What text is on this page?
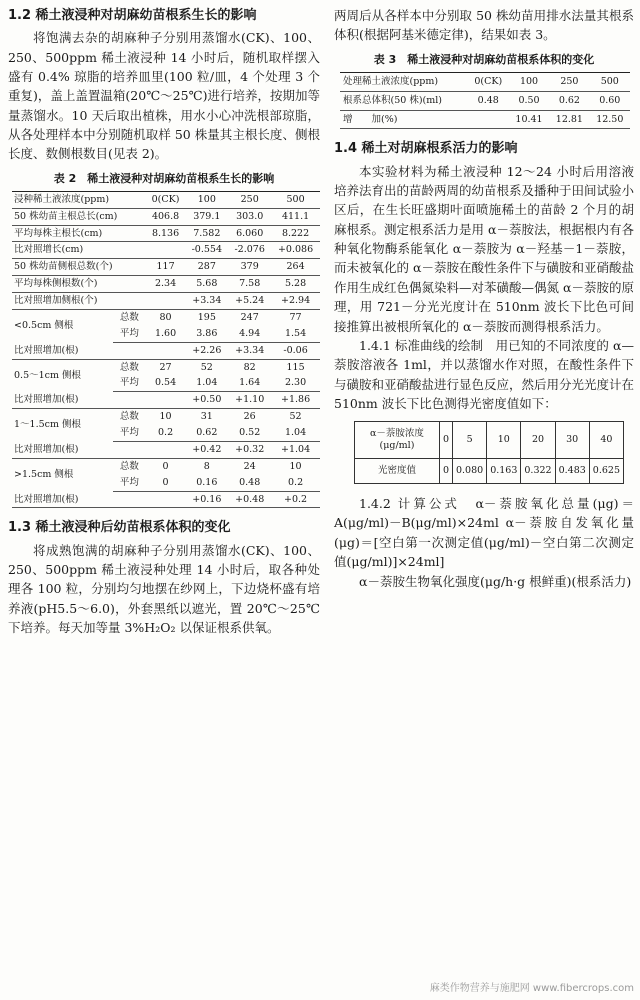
1.2 稀土液浸种对胡麻幼苗根系生长的影响

将饱满去杂的胡麻种子分别用蒸馏水(CK)、100、250、500ppm 稀土液浸种 14 小时后，随机取样摆入盛有 0.4% 琼脂的培养皿里(100 粒/皿，4 个处理 3 个重复)，盖上盖置温箱(20℃～25℃)进行培养，按期加等量蒸馏水。10 天后取出植株，用水小心冲洗根部琼脂，从各处理样本中分别随机取样 50 株量其主根长度、侧根长度、数侧根数目(见表 2)。

表 2　稀土液浸种对胡麻幼苗根系生长的影响
浸种稀土液浓度(ppm)		0(CK)	100	250	500
50 株幼苗主根总长(cm)		406.8	379.1	303.0	411.1
平均每株主根长(cm)		8.136	7.582	6.060	8.222
比对照增长(cm)			-0.554	-2.076	+0.086
50 株幼苗侧根总数(个)		117	287	379	264
平均每株侧根数(个)		2.34	5.68	7.58	5.28
比对照增加侧根(个)			+3.34	+5.24	+2.94
<0.5cm 侧根	总数	80	195	247	77
	平均	1.60	3.86	4.94	1.54
比对照增加(根)			+2.26	+3.34	-0.06
0.5～1cm 侧根	总数	27	52	82	115
	平均	0.54	1.04	1.64	2.30
比对照增加(根)			+0.50	+1.10	+1.86
1～1.5cm 侧根	总数	10	31	26	52
	平均	0.2	0.62	0.52	1.04
比对照增加(根)			+0.42	+0.32	+1.04
>1.5cm 侧根	总数	0	8	24	10
	平均	0	0.16	0.48	0.2
比对照增加(根)			+0.16	+0.48	+0.2
1.3 稀土液浸种后幼苗根系体积的变化

将成熟饱满的胡麻种子分别用蒸馏水(CK)、100、250、500ppm 稀土液浸种处理 14 小时后，取各种处理各 100 粒，分别均匀地摆在纱网上，下边烧杯盛有培养液(pH5.5～6.0)，外套黑纸以遮光，置 20℃～25℃下培养。每天加等量 3%H₂O₂ 以保证根系供氧。

两周后从各样本中分别取 50 株幼苗用排水法量其根系体积(根据阿基米德定律)，结果如表 3。

表 3　稀土液浸种对胡麻幼苗根系体积的变化
处理稀土液浓度(ppm)	0(CK)	100	250	500
根系总体积(50 株)(ml)	0.48	0.50	0.62	0.60
增　　加(%)		10.41	12.81	12.50
1.4 稀土对胡麻根系活力的影响

本实验材料为稀土液浸种 12～24 小时后用溶液培养法育出的苗龄两周的幼苗根系及播种于田间试验小区后，在生长旺盛期叶面喷施稀土的苗龄 2 个月的胡麻根系。测定根系活力是用 α－萘胺法，根据根内有各种氧化物酶系能氧化 α－萘胺为 α－羟基－1－萘胺，而未被氧化的 α－萘胺在酸性条件下与磺胺和亚硝酸盐作用生成红色偶氮染料—对苯磺酸—偶氮 α－萘胺的原理，用 721－分光光度计在 510nm 波长下比色可间接推算出被根所氧化的 α－萘胺而测得根系活力。

1.4.1 标准曲线的绘制　用已知的不同浓度的 α—萘胺溶液各 1ml，并以蒸馏水作对照，在酸性条件下与磺胺和亚硝酸盐进行显色反应，然后用分光光度计在 510nm 波长下比色测得光密度值如下：

α－萘胺浓度(μg/ml)	0	5	10	20	30	40
光密度值	0	0.080	0.163	0.322	0.483	0.625

1.4.2 计算公式　α－萘胺氧化总量(μg)＝A(μg/ml)－B(μg/ml)×24ml α－萘胺自发氧化量(μg)＝[空白第一次测定值(μg/ml)－空白第二次测定值(μg/ml)]×24ml]

α－萘胺生物氧化强度(μg/h·g 根鲜重)(根系活力)

麻类作物营养与施肥网 www.fibercrops.com
